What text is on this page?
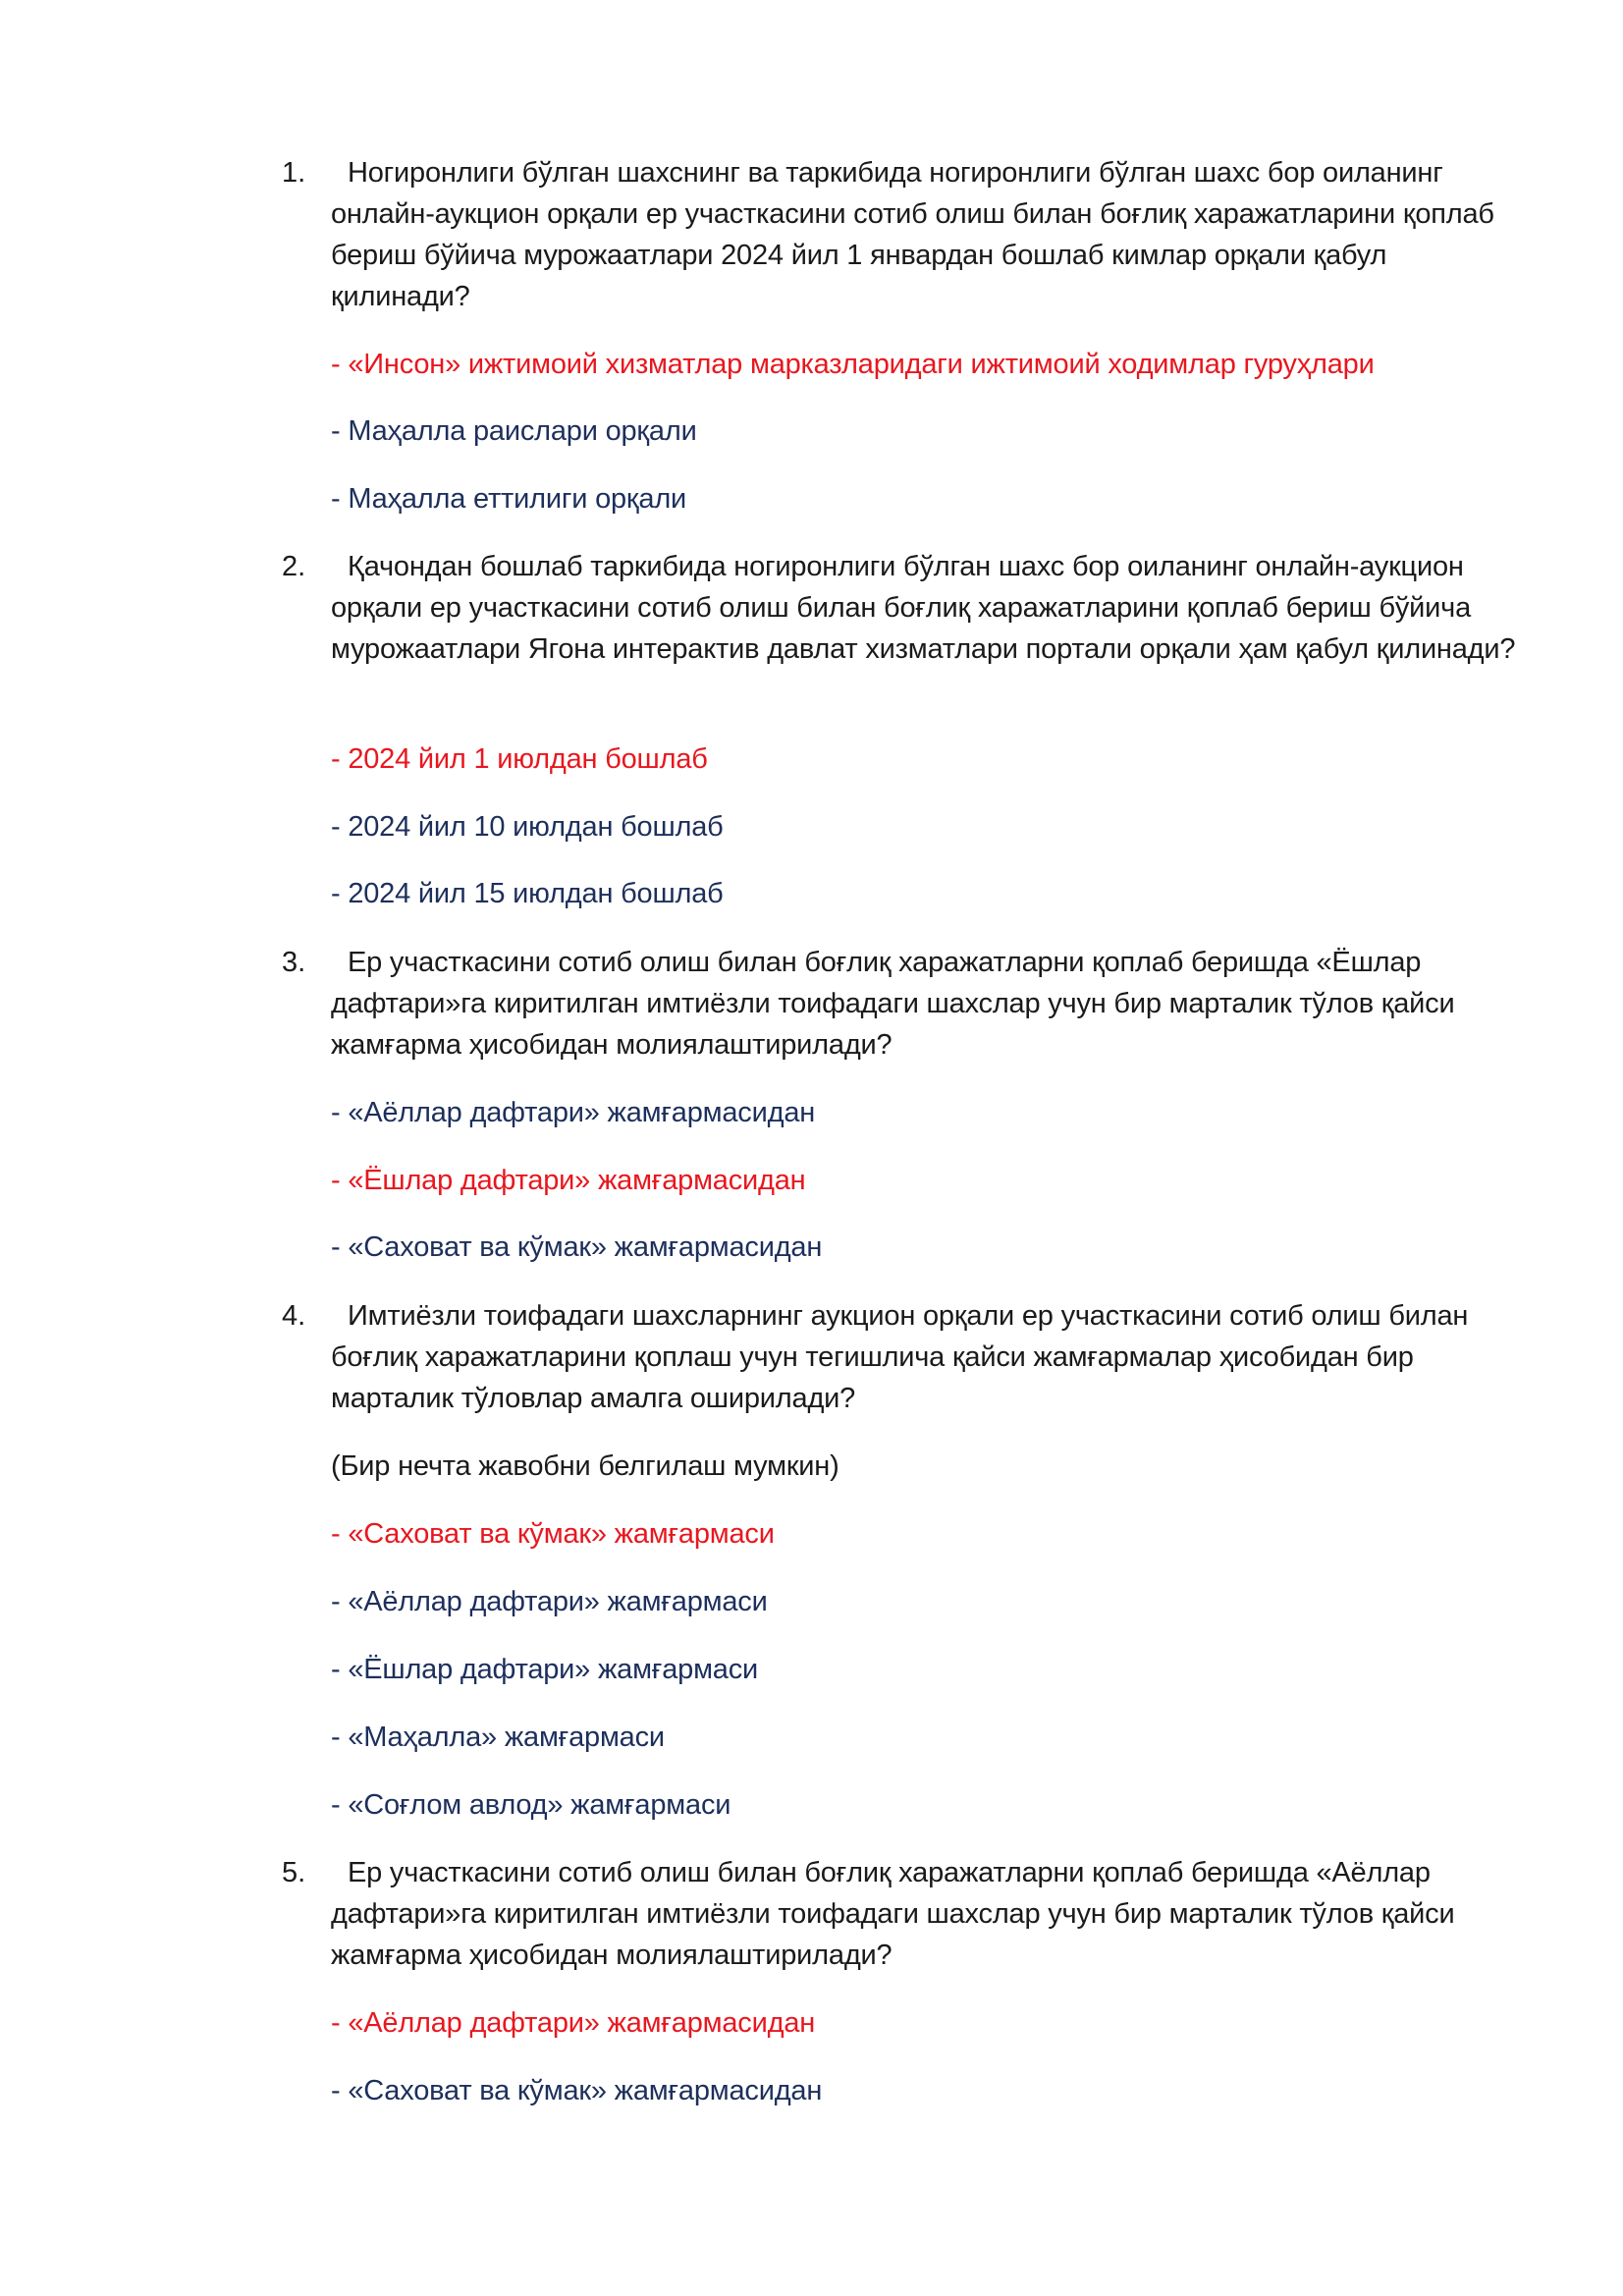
1.	Ногиронлиги бўлган шахснинг ва таркибида ногиронлиги бўлган шахс бор оиланинг онлайн-аукцион орқали ер участкасини сотиб олиш билан боғлиқ харажатларини қоплаб бериш бўйича мурожаатлари 2024 йил 1 январдан бошлаб кимлар орқали қабул қилинади?
- «Инсон» ижтимоий хизматлар марказларидаги ижтимоий ходимлар гуруҳлари
- Маҳалла раислари орқали
- Маҳалла еттилиги орқали
2.	Қачондан бошлаб таркибида ногиронлиги бўлган шахс бор оиланинг онлайн-аукцион орқали ер участкасини сотиб олиш билан боғлиқ харажатларини қоплаб бериш бўйича мурожаатлари Ягона интерактив давлат хизматлари портали орқали ҳам қабул қилинади?
- 2024 йил 1 июлдан бошлаб
- 2024 йил 10 июлдан бошлаб
- 2024 йил 15 июлдан бошлаб
3.	Ер участкасини сотиб олиш билан боғлиқ харажатларни қоплаб беришда «Ёшлар дафтари»га киритилган имтиёзли тоифадаги шахслар учун бир марталик тўлов қайси жамғарма ҳисобидан молиялаштирилади?
- «Аёллар дафтари» жамғармасидан
- «Ёшлар дафтари» жамғармасидан
- «Саховат ва кўмак» жамғармасидан
4.	Имтиёзли тоифадаги шахсларнинг аукцион орқали ер участкасини сотиб олиш билан боғлиқ харажатларини қоплаш учун тегишлича қайси жамғармалар ҳисобидан бир марталик тўловлар амалга оширилади?
(Бир нечта жавобни белгилаш мумкин)
- «Саховат ва кўмак» жамғармаси
- «Аёллар дафтари» жамғармаси
- «Ёшлар дафтари» жамғармаси
- «Маҳалла» жамғармаси
- «Соғлом авлод» жамғармаси
5.	Ер участкасини сотиб олиш билан боғлиқ харажатларни қоплаб беришда «Аёллар дафтари»га киритилган имтиёзли тоифадаги шахслар учун бир марталик тўлов қайси жамғарма ҳисобидан молиялаштирилади?
- «Аёллар дафтари» жамғармасидан
- «Саховат ва кўмак» жамғармасидан
